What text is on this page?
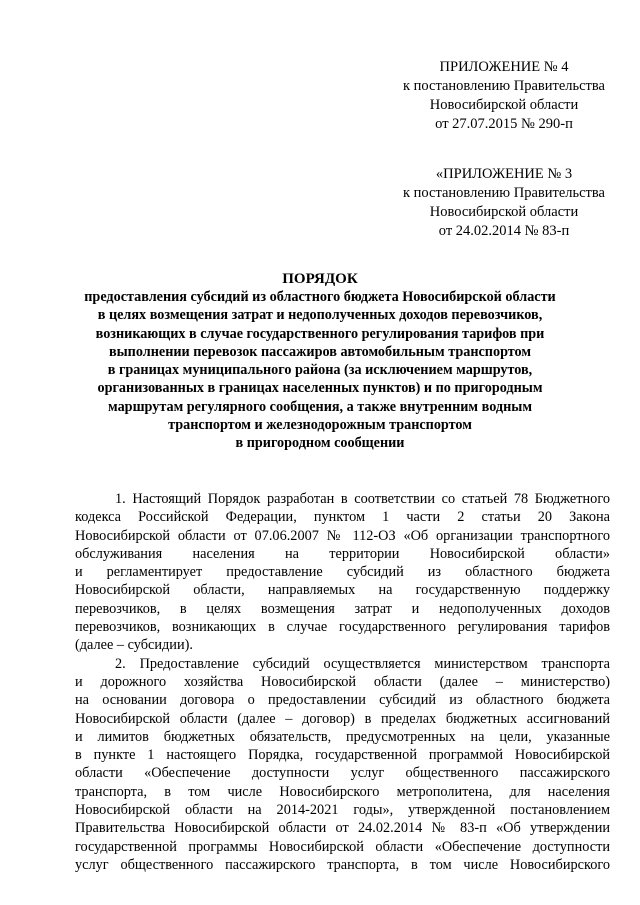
ПРИЛОЖЕНИЕ № 4
к постановлению Правительства
Новосибирской области
от 27.07.2015 № 290-п
«ПРИЛОЖЕНИЕ № 3
к постановлению Правительства
Новосибирской области
от 24.02.2014 № 83-п
ПОРЯДОК
предоставления субсидий из областного бюджета Новосибирской области
в целях возмещения затрат и недополученных доходов перевозчиков,
возникающих в случае государственного регулирования тарифов при
выполнении перевозок пассажиров автомобильным транспортом
в границах муниципального района (за исключением маршрутов,
организованных в границах населенных пунктов) и по пригородным
маршрутам регулярного сообщения, а также внутренним водным
транспортом и железнодорожным транспортом
в пригородном сообщении

1. Настоящий Порядок разработан в соответствии со статьей 78 Бюджетного
кодекса Российской Федерации, пунктом 1 части 2 статьи 20 Закона
Новосибирской области от 07.06.2007 № 112-ОЗ «Об организации транспортного
обслуживания населения на территории Новосибирской области»
и регламентирует предоставление субсидий из областного бюджета
Новосибирской области, направляемых на государственную поддержку
перевозчиков, в целях возмещения затрат и недополученных доходов
перевозчиков, возникающих в случае государственного регулирования тарифов
(далее – субсидии).

2. Предоставление субсидий осуществляется министерством транспорта
и дорожного хозяйства Новосибирской области (далее – министерство)
на основании договора о предоставлении субсидий из областного бюджета
Новосибирской области (далее – договор) в пределах бюджетных ассигнований
и лимитов бюджетных обязательств, предусмотренных на цели, указанные
в пункте 1 настоящего Порядка, государственной программой Новосибирской
области «Обеспечение доступности услуг общественного пассажирского
транспорта, в том числе Новосибирского метрополитена, для населения
Новосибирской области на 2014-2021 годы», утвержденной постановлением
Правительства Новосибирской области от 24.02.2014 № 83-п «Об утверждении
государственной программы Новосибирской области «Обеспечение доступности
услуг общественного пассажирского транспорта, в том числе Новосибирского
